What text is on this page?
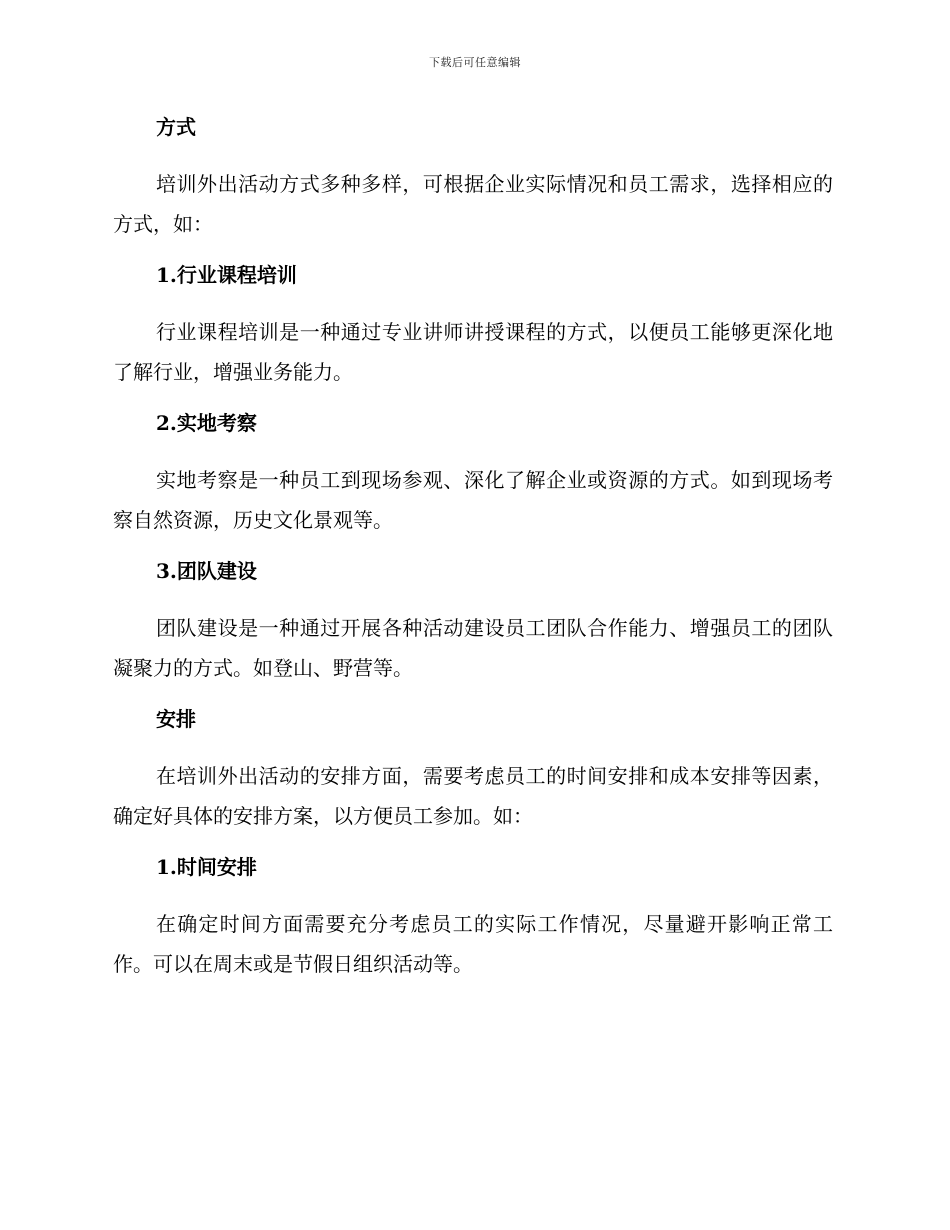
下载后可任意编辑
方式

培训外出活动方式多种多样，可根据企业实际情况和员工需求，选择相应的方式，如：

1.行业课程培训

行业课程培训是一种通过专业讲师讲授课程的方式，以便员工能够更深化地了解行业，增强业务能力。

2.实地考察

实地考察是一种员工到现场参观、深化了解企业或资源的方式。如到现场考察自然资源，历史文化景观等。

3.团队建设

团队建设是一种通过开展各种活动建设员工团队合作能力、增强员工的团队凝聚力的方式。如登山、野营等。

安排

在培训外出活动的安排方面，需要考虑员工的时间安排和成本安排等因素，确定好具体的安排方案，以方便员工参加。如：

1.时间安排

在确定时间方面需要充分考虑员工的实际工作情况，尽量避开影响正常工作。可以在周末或是节假日组织活动等。
